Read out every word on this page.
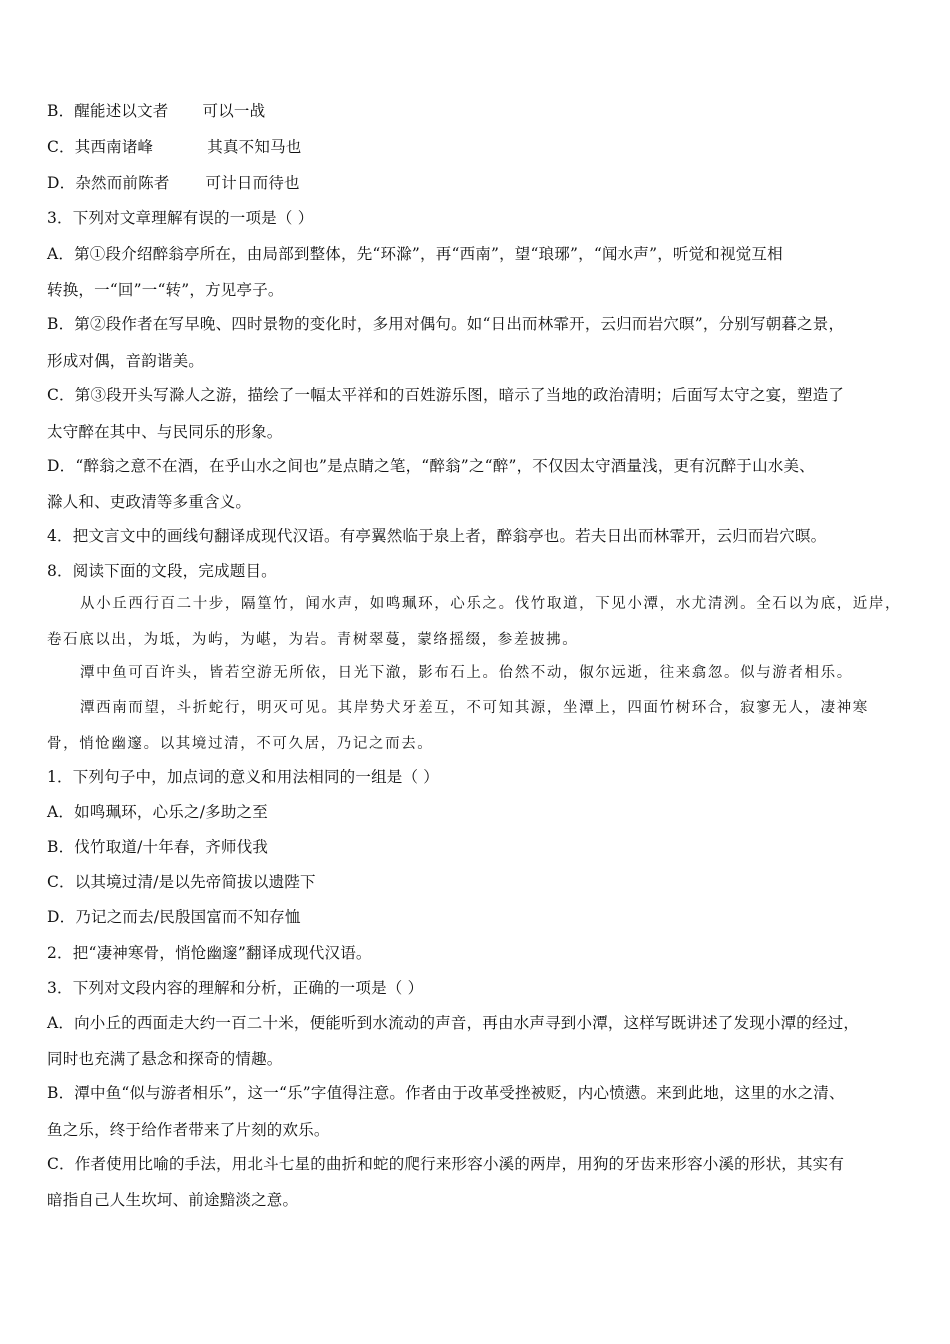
B．醒能述以文者 可以一战
C．其西南诸峰	其真不知马也
D．杂然而前陈者 可计日而待也
3．下列对文章理解有误的一项是（ ）
A．第①段介绍醉翁亭所在，由局部到整体，先“环滁”，再“西南”，望“琅琊”，“闻水声”，听觉和视觉互相
转换，一“回”一“转”，方见亭子。
B．第②段作者在写早晚、四时景物的变化时，多用对偶句。如“日出而林霏开，云归而岩穴暝”，分别写朝暮之景，
形成对偶，音韵谐美。
C．第③段开头写滁人之游，描绘了一幅太平祥和的百姓游乐图，暗示了当地的政治清明；后面写太守之宴，塑造了
太守醉在其中、与民同乐的形象。
D．“醉翁之意不在酒，在乎山水之间也”是点睛之笔，“醉翁”之“醉”，不仅因太守酒量浅，更有沉醉于山水美、
滁人和、吏政清等多重含义。
4．把文言文中的画线句翻译成现代汉语。有亭翼然临于泉上者，醉翁亭也。若夫日出而林霏开，云归而岩穴暝。
8．阅读下面的文段，完成题目。
从小丘西行百二十步，隔篁竹，闻水声，如鸣珮环，心乐之。伐竹取道，下见小潭，水尤清洌。全石以为底，近岸，
卷石底以出，为坻，为屿，为嵁，为岩。青树翠蔓，蒙络摇缀，参差披拂。
潭中鱼可百许头，皆若空游无所依，日光下澈，影布石上。佁然不动，俶尔远逝，往来翕忽。似与游者相乐。
潭西南而望，斗折蛇行，明灭可见。其岸势犬牙差互，不可知其源，坐潭上，四面竹树环合，寂寥无人，凄神寒
骨，悄怆幽邃。以其境过清，不可久居，乃记之而去。
1．下列句子中，加点词的意义和用法相同的一组是（ ）
A．如鸣珮环，心乐之/多助之至
B．伐竹取道/十年春，齐师伐我
C．以其境过清/是以先帝简拔以遗陛下
D．乃记之而去/民殷国富而不知存恤
2．把“凄神寒骨，悄怆幽邃”翻译成现代汉语。
3．下列对文段内容的理解和分析，正确的一项是（ ）
A．向小丘的西面走大约一百二十米，便能听到水流动的声音，再由水声寻到小潭，这样写既讲述了发现小潭的经过，
同时也充满了悬念和探奇的情趣。
B．潭中鱼“似与游者相乐”，这一“乐”字值得注意。作者由于改革受挫被贬，内心愤懑。来到此地，这里的水之清、
鱼之乐，终于给作者带来了片刻的欢乐。
C．作者使用比喻的手法，用北斗七星的曲折和蛇的爬行来形容小溪的两岸，用狗的牙齿来形容小溪的形状，其实有
暗指自己人生坎坷、前途黯淡之意。
